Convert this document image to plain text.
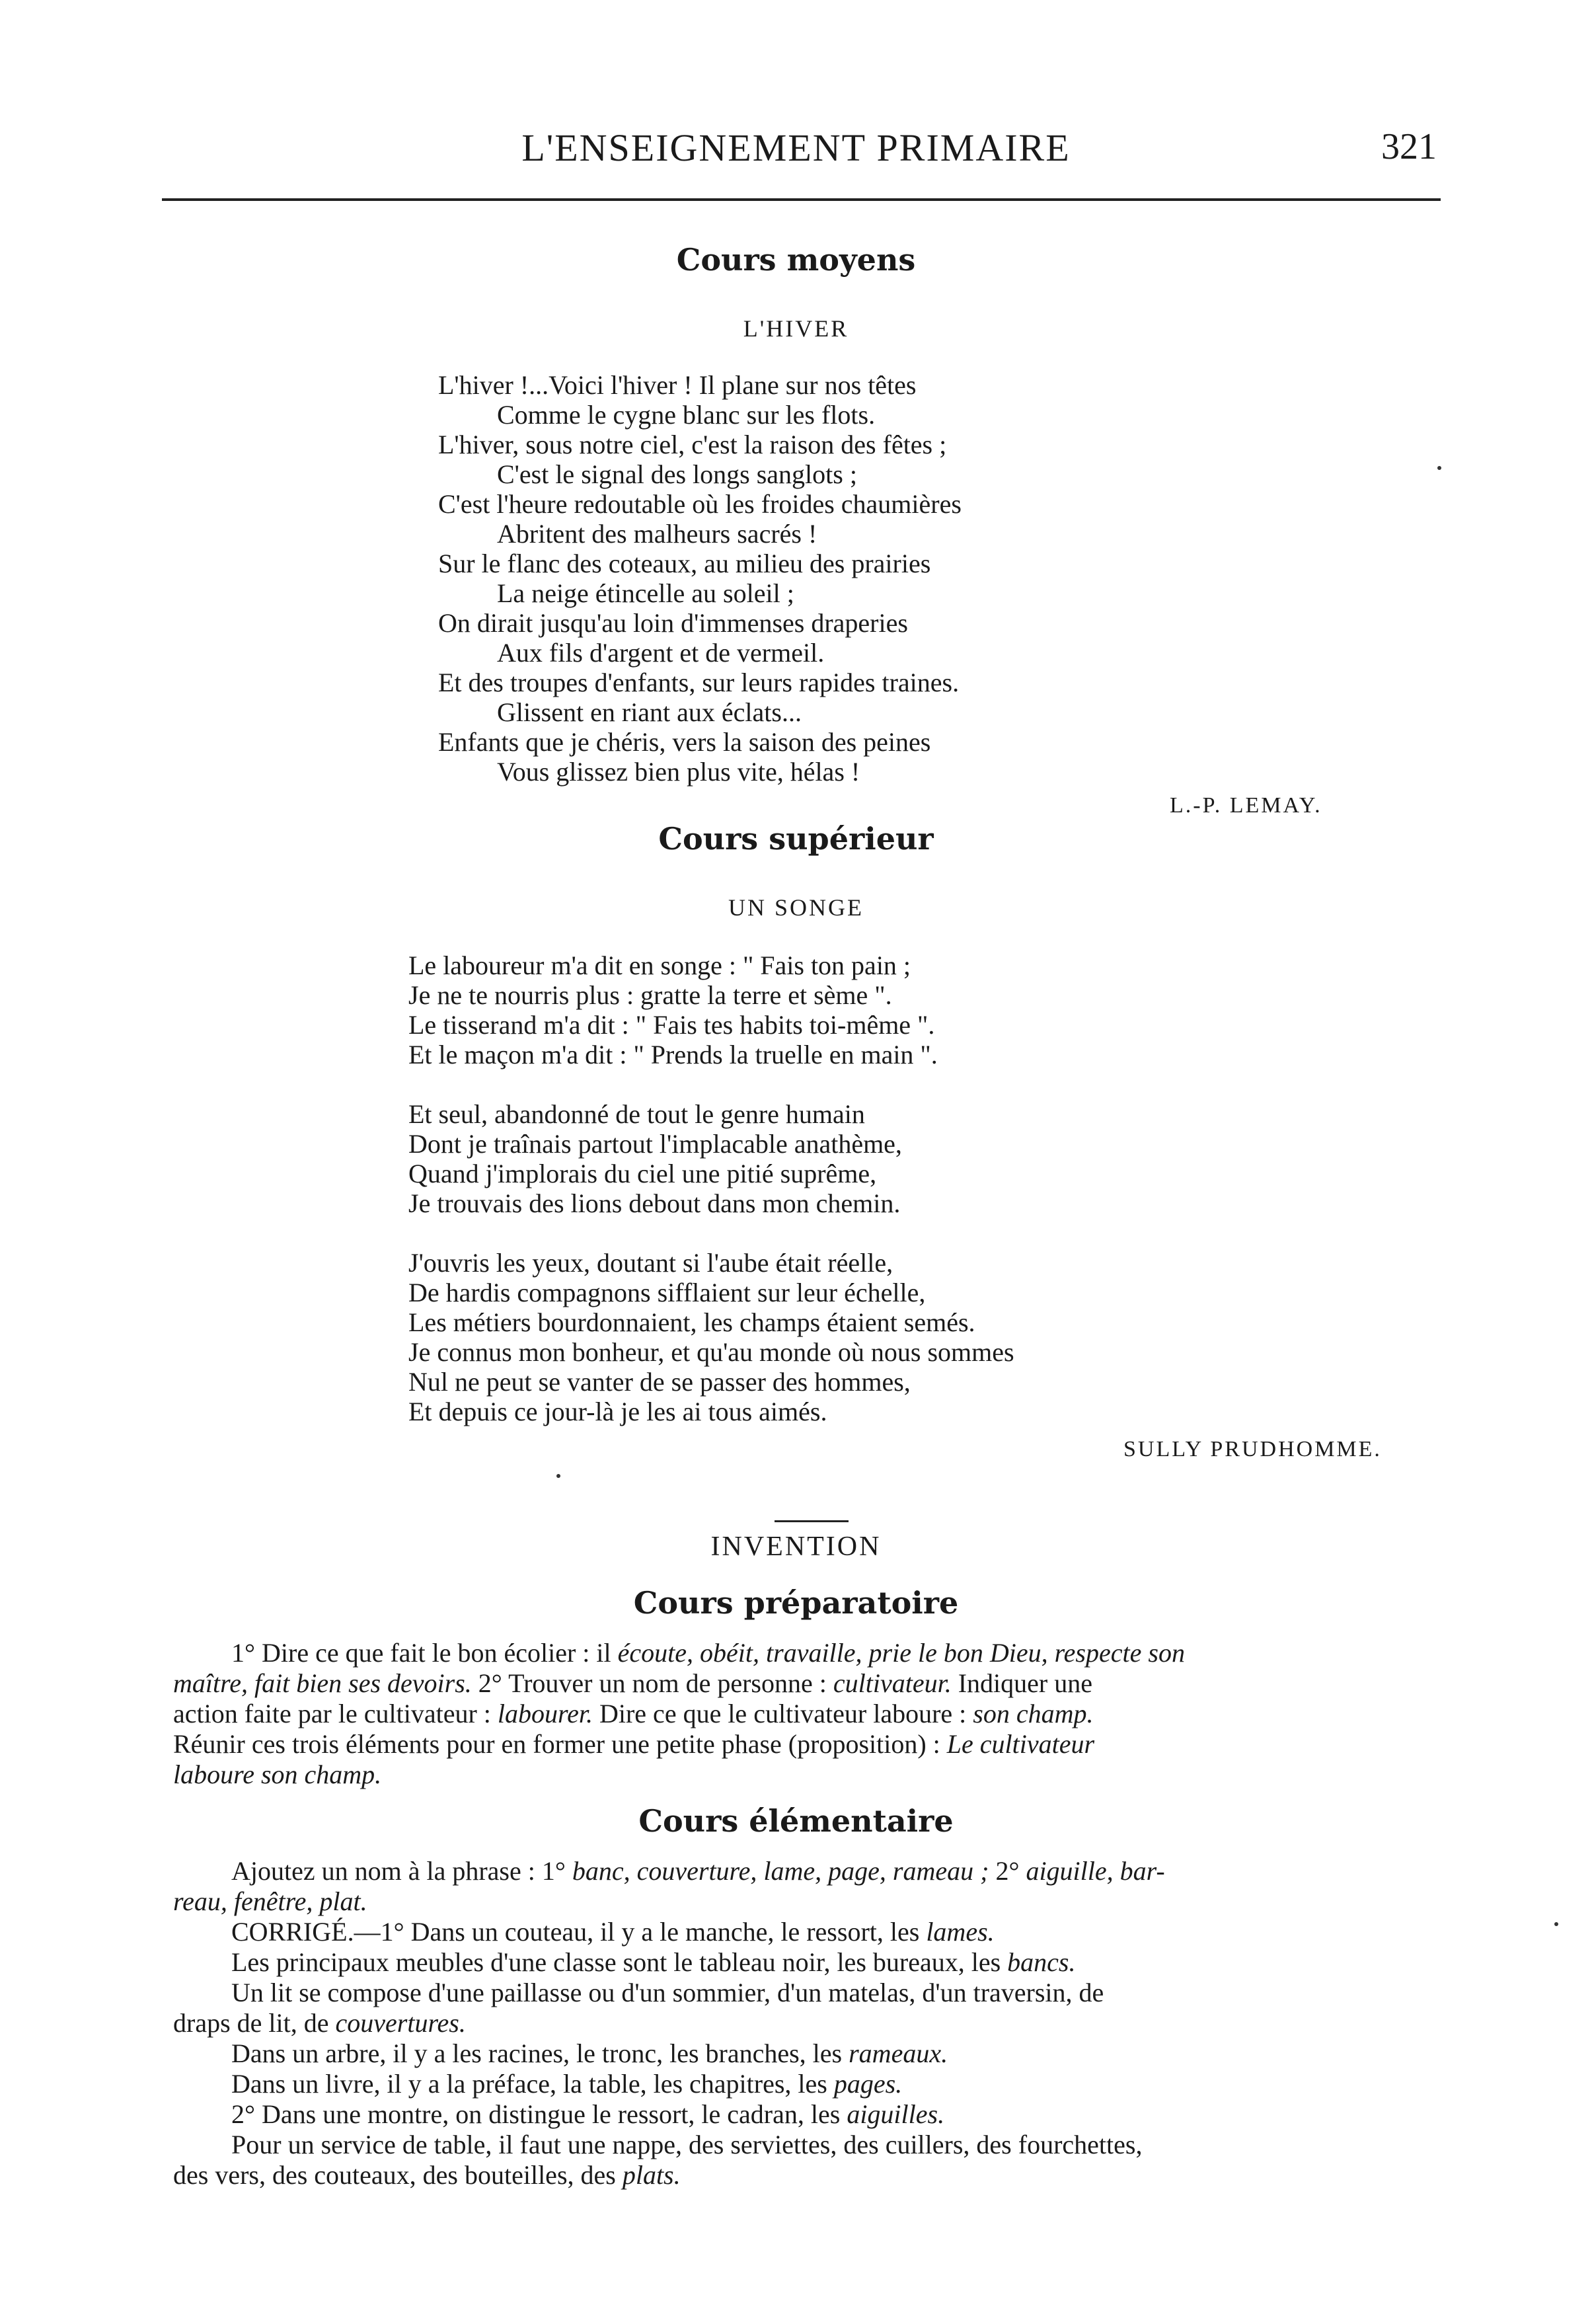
L'ENSEIGNEMENT PRIMAIRE	321
Cours moyens
L'HIVER
L'hiver !...Voici l'hiver ! Il plane sur nos têtes
Comme le cygne blanc sur les flots.
L'hiver, sous notre ciel, c'est la raison des fêtes ;
C'est le signal des longs sanglots ;
C'est l'heure redoutable où les froides chaumières
Abritent des malheurs sacrés !
Sur le flanc des coteaux, au milieu des prairies
La neige étincelle au soleil ;
On dirait jusqu'au loin d'immenses draperies
Aux fils d'argent et de vermeil.
Et des troupes d'enfants, sur leurs rapides traines.
Glissent en riant aux éclats...
Enfants que je chéris, vers la saison des peines
Vous glissez bien plus vite, hélas !
L.-P. LEMAY.
Cours supérieur
UN SONGE
Le laboureur m'a dit en songe : " Fais ton pain ;
Je ne te nourris plus : gratte la terre et sème ".
Le tisserand m'a dit : " Fais tes habits toi-même ".
Et le maçon m'a dit : " Prends la truelle en main ".
Et seul, abandonné de tout le genre humain
Dont je traînais partout l'implacable anathème,
Quand j'implorais du ciel une pitié suprême,
Je trouvais des lions debout dans mon chemin.
J'ouvris les yeux, doutant si l'aube était réelle,
De hardis compagnons sifflaient sur leur échelle,
Les métiers bourdonnaient, les champs étaient semés.
Je connus mon bonheur, et qu'au monde où nous sommes
Nul ne peut se vanter de se passer des hommes,
Et depuis ce jour-là je les ai tous aimés.
SULLY PRUDHOMME.
INVENTION
Cours préparatoire
1° Dire ce que fait le bon écolier : il écoute, obéit, travaille, prie le bon Dieu, respecte son
maître, fait bien ses devoirs. 2° Trouver un nom de personne : cultivateur. Indiquer une
action faite par le cultivateur : labourer. Dire ce que le cultivateur laboure : son champ.
Réunir ces trois éléments pour en former une petite phase (proposition) : Le cultivateur
laboure son champ.
Cours élémentaire
Ajoutez un nom à la phrase : 1° banc, couverture, lame, page, rameau ; 2° aiguille, bar-
reau, fenêtre, plat.
CORRIGÉ.—1° Dans un couteau, il y a le manche, le ressort, les lames.
Les principaux meubles d'une classe sont le tableau noir, les bureaux, les bancs.
Un lit se compose d'une paillasse ou d'un sommier, d'un matelas, d'un traversin, de
draps de lit, de couvertures.
Dans un arbre, il y a les racines, le tronc, les branches, les rameaux.
Dans un livre, il y a la préface, la table, les chapitres, les pages.
2° Dans une montre, on distingue le ressort, le cadran, les aiguilles.
Pour un service de table, il faut une nappe, des serviettes, des cuillers, des fourchettes,
des vers, des couteaux, des bouteilles, des plats.
